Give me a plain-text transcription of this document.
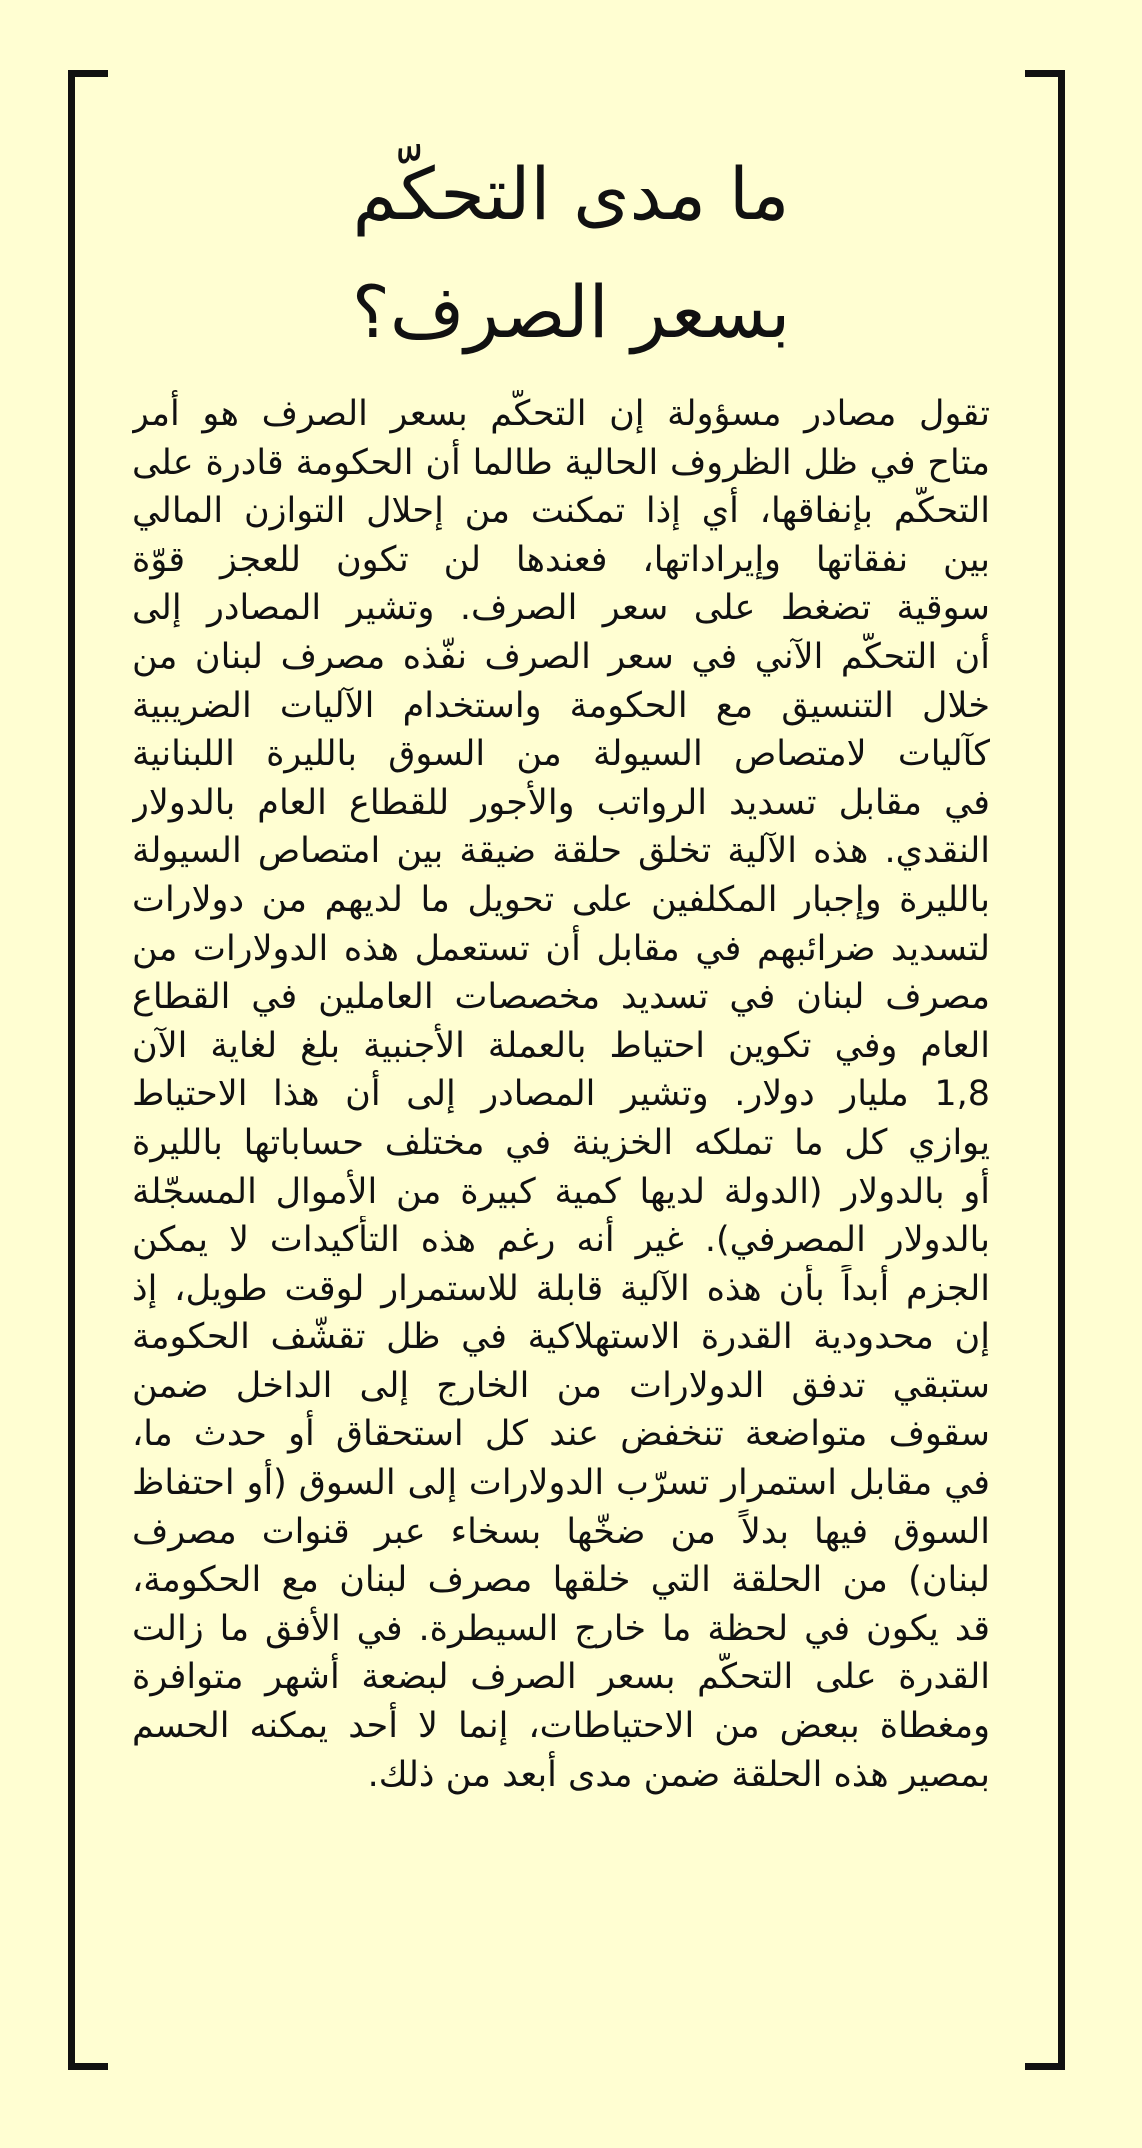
ما مدى التحكّم
بسعر الصرف؟
تقول مصادر مسؤولة إن التحكّم بسعر الصرف هو أمر
متاح في ظل الظروف الحالية طالما أن الحكومة قادرة على
التحكّم بإنفاقها، أي إذا تمكنت من إحلال التوازن المالي
بين نفقاتها وإيراداتها، فعندها لن تكون للعجز قوّة
سوقية تضغط على سعر الصرف. وتشير المصادر إلى
أن التحكّم الآني في سعر الصرف نفّذه مصرف لبنان من
خلال التنسيق مع الحكومة واستخدام الآليات الضريبية
كآليات لامتصاص السيولة من السوق بالليرة اللبنانية
في مقابل تسديد الرواتب والأجور للقطاع العام بالدولار
النقدي. هذه الآلية تخلق حلقة ضيقة بين امتصاص السيولة
بالليرة وإجبار المكلفين على تحويل ما لديهم من دولارات
لتسديد ضرائبهم في مقابل أن تستعمل هذه الدولارات من
مصرف لبنان في تسديد مخصصات العاملين في القطاع
العام وفي تكوين احتياط بالعملة الأجنبية بلغ لغاية الآن
1,8 مليار دولار. وتشير المصادر إلى أن هذا الاحتياط
يوازي كل ما تملكه الخزينة في مختلف حساباتها بالليرة
أو بالدولار (الدولة لديها كمية كبيرة من الأموال المسجّلة
بالدولار المصرفي). غير أنه رغم هذه التأكيدات لا يمكن
الجزم أبداً بأن هذه الآلية قابلة للاستمرار لوقت طويل، إذ
إن محدودية القدرة الاستهلاكية في ظل تقشّف الحكومة
ستبقي تدفق الدولارات من الخارج إلى الداخل ضمن
سقوف متواضعة تنخفض عند كل استحقاق أو حدث ما،
في مقابل استمرار تسرّب الدولارات إلى السوق (أو احتفاظ
السوق فيها بدلاً من ضخّها بسخاء عبر قنوات مصرف
لبنان) من الحلقة التي خلقها مصرف لبنان مع الحكومة،
قد يكون في لحظة ما خارج السيطرة. في الأفق ما زالت
القدرة على التحكّم بسعر الصرف لبضعة أشهر متوافرة
ومغطاة ببعض من الاحتياطات، إنما لا أحد يمكنه الحسم
بمصير هذه الحلقة ضمن مدى أبعد من ذلك.
